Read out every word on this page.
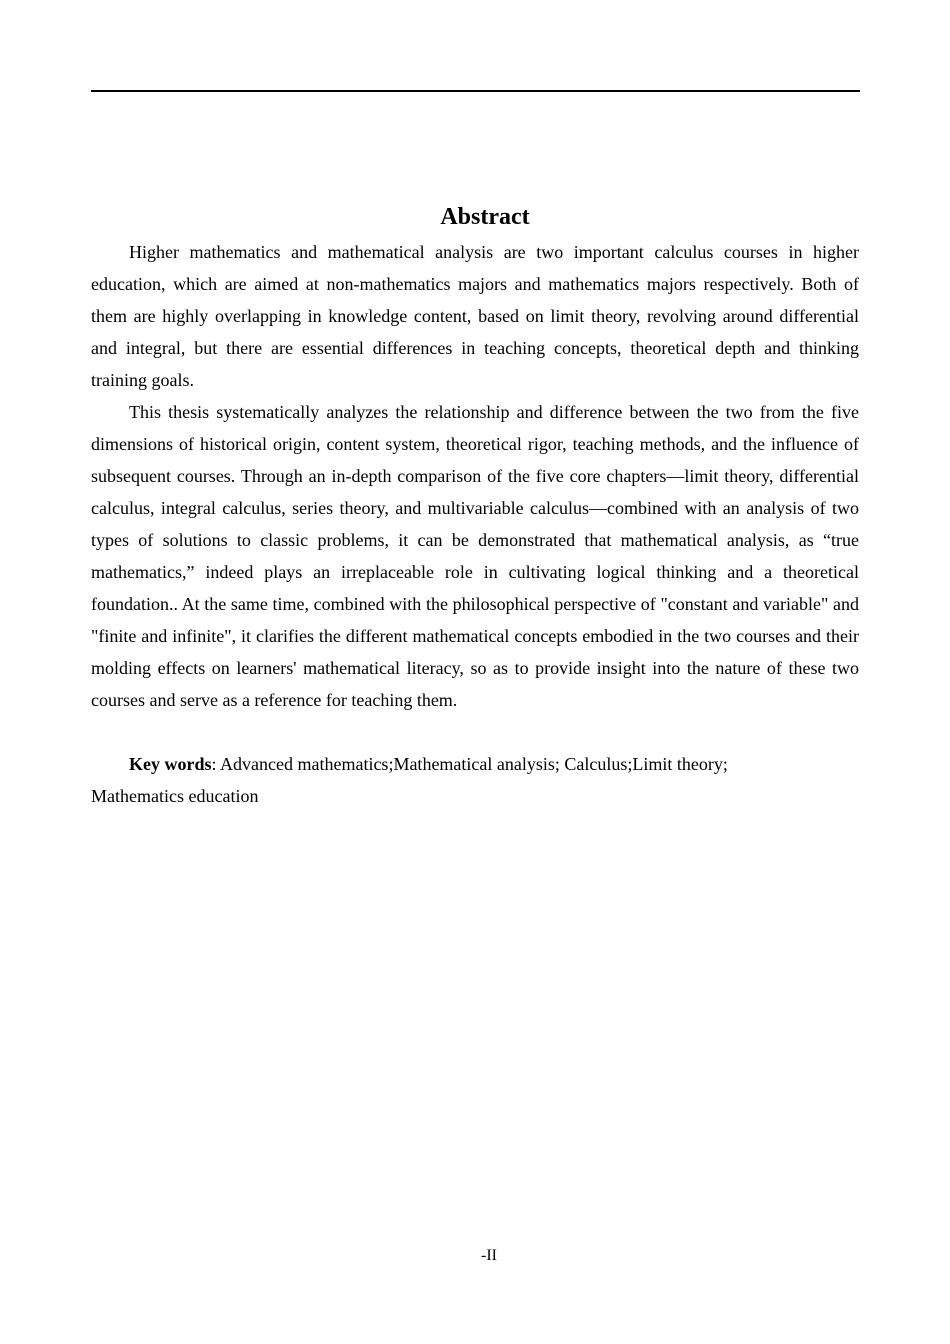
Abstract

Higher mathematics and mathematical analysis are two important calculus courses in higher education, which are aimed at non-mathematics majors and mathematics majors respectively. Both of them are highly overlapping in knowledge content, based on limit theory, revolving around differential and integral, but there are essential differences in teaching concepts, theoretical depth and thinking training goals.

This thesis systematically analyzes the relationship and difference between the two from the five dimensions of historical origin, content system, theoretical rigor, teaching methods, and the influence of subsequent courses. Through an in-depth comparison of the five core chapters—limit theory, differential calculus, integral calculus, series theory, and multivariable calculus—combined with an analysis of two types of solutions to classic problems, it can be demonstrated that mathematical analysis, as “true mathematics,” indeed plays an irreplaceable role in cultivating logical thinking and a theoretical foundation.. At the same time, combined with the philosophical perspective of "constant and variable" and "finite and infinite", it clarifies the different mathematical concepts embodied in the two courses and their molding effects on learners' mathematical literacy, so as to provide insight into the nature of these two courses and serve as a reference for teaching them.

Key words: Advanced mathematics;Mathematical analysis; Calculus;Limit theory; Mathematics education
-II
